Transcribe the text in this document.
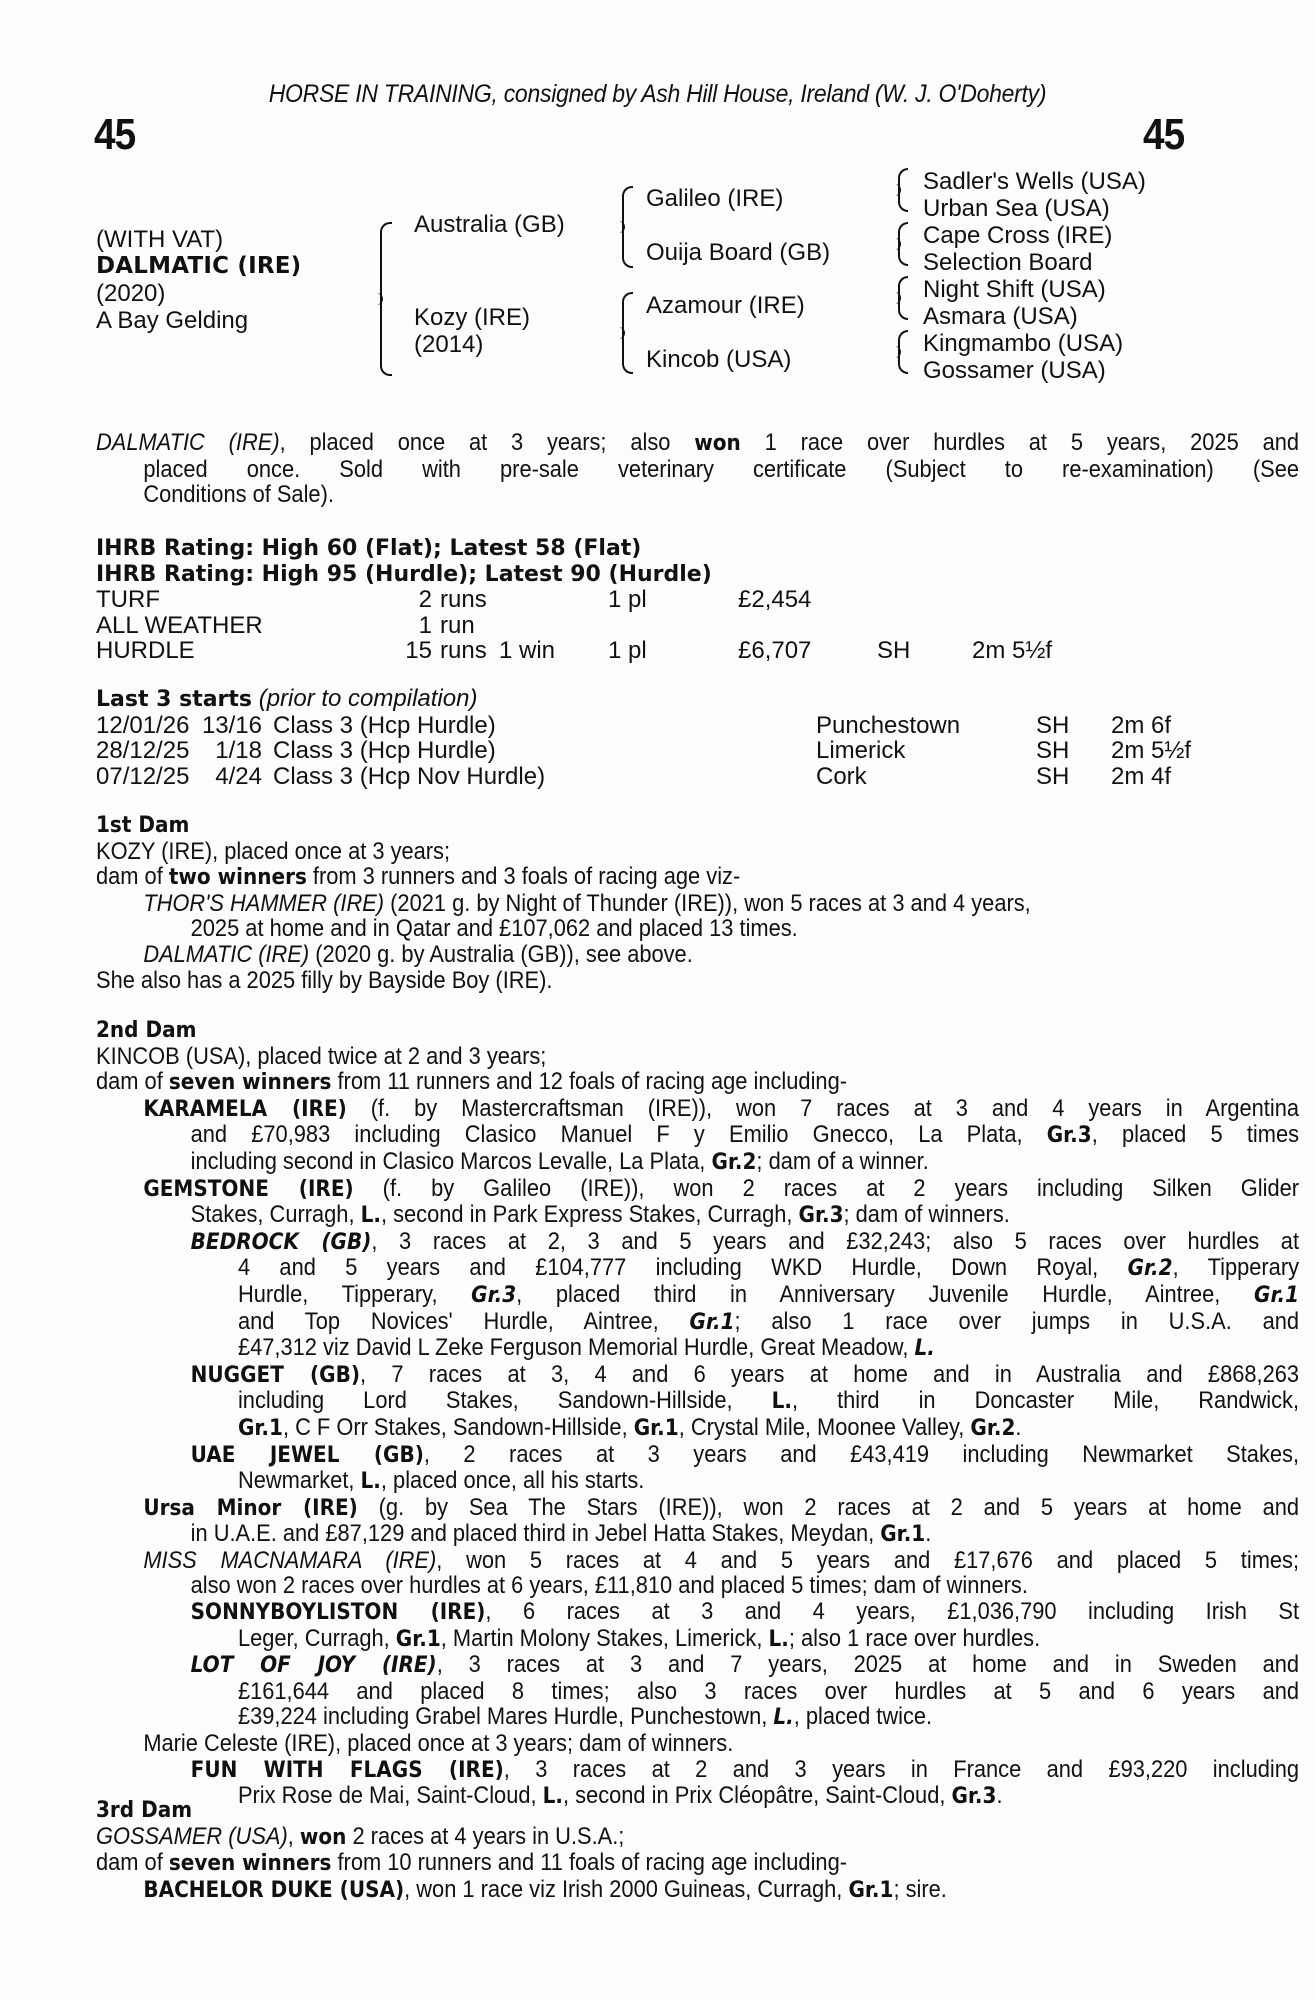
HORSE IN TRAINING, consigned by Ash Hill House, Ireland (W. J. O'Doherty)
45	45
(WITH VAT)
DALMATIC (IRE)
(2020)
A Bay Gelding
Australia (GB)
Kozy (IRE)
(2014)
Galileo (IRE)
Ouija Board (GB)
Azamour (IRE)
Kincob (USA)
Sadler's Wells (USA)
Urban Sea (USA)
Cape Cross (IRE)
Selection Board
Night Shift (USA)
Asmara (USA)
Kingmambo (USA)
Gossamer (USA)
DALMATIC (IRE), placed once at 3 years; also won 1 race over hurdles at 5 years, 2025 and
placed once. Sold with pre-sale veterinary certificate (Subject to re-examination) (See
Conditions of Sale).
IHRB Rating: High 60 (Flat); Latest 58 (Flat)
IHRB Rating: High 95 (Hurdle); Latest 90 (Hurdle)
TURF	2 runs	1 pl	£2,454
ALL WEATHER	1 run
HURDLE	15 runs 1 win 1 pl	£6,707	SH	2m 5½f
Last 3 starts (prior to compilation)
12/01/26 13/16 Class 3 (Hcp Hurdle)	Punchestown	SH 2m 6f
28/12/25	1/18 Class 3 (Hcp Hurdle)	Limerick	SH 2m 5½f
07/12/25	4/24 Class 3 (Hcp Nov Hurdle)	Cork	SH 2m 4f
1st Dam
KOZY (IRE), placed once at 3 years;
dam of two winners from 3 runners and 3 foals of racing age viz-
THOR'S HAMMER (IRE) (2021 g. by Night of Thunder (IRE)), won 5 races at 3 and 4 years,
2025 at home and in Qatar and £107,062 and placed 13 times.
DALMATIC (IRE) (2020 g. by Australia (GB)), see above.
She also has a 2025 filly by Bayside Boy (IRE).
2nd Dam
KINCOB (USA), placed twice at 2 and 3 years;
dam of seven winners from 11 runners and 12 foals of racing age including-
KARAMELA (IRE) (f. by Mastercraftsman (IRE)), won 7 races at 3 and 4 years in Argentina
and £70,983 including Clasico Manuel F y Emilio Gnecco, La Plata, Gr.3, placed 5 times
including second in Clasico Marcos Levalle, La Plata, Gr.2; dam of a winner.
GEMSTONE (IRE) (f. by Galileo (IRE)), won 2 races at 2 years including Silken Glider
Stakes, Curragh, L., second in Park Express Stakes, Curragh, Gr.3; dam of winners.
BEDROCK (GB), 3 races at 2, 3 and 5 years and £32,243; also 5 races over hurdles at
4 and 5 years and £104,777 including WKD Hurdle, Down Royal, Gr.2, Tipperary
Hurdle, Tipperary, Gr.3, placed third in Anniversary Juvenile Hurdle, Aintree, Gr.1
and Top Novices' Hurdle, Aintree, Gr.1; also 1 race over jumps in U.S.A. and
£47,312 viz David L Zeke Ferguson Memorial Hurdle, Great Meadow, L.
NUGGET (GB), 7 races at 3, 4 and 6 years at home and in Australia and £868,263
including Lord Stakes, Sandown-Hillside, L., third in Doncaster Mile, Randwick,
Gr.1, C F Orr Stakes, Sandown-Hillside, Gr.1, Crystal Mile, Moonee Valley, Gr.2.
UAE JEWEL (GB), 2 races at 3 years and £43,419 including Newmarket Stakes,
Newmarket, L., placed once, all his starts.
Ursa Minor (IRE) (g. by Sea The Stars (IRE)), won 2 races at 2 and 5 years at home and
in U.A.E. and £87,129 and placed third in Jebel Hatta Stakes, Meydan, Gr.1.
MISS MACNAMARA (IRE), won 5 races at 4 and 5 years and £17,676 and placed 5 times;
also won 2 races over hurdles at 6 years, £11,810 and placed 5 times; dam of winners.
SONNYBOYLISTON (IRE), 6 races at 3 and 4 years, £1,036,790 including Irish St
Leger, Curragh, Gr.1, Martin Molony Stakes, Limerick, L.; also 1 race over hurdles.
LOT OF JOY (IRE), 3 races at 3 and 7 years, 2025 at home and in Sweden and
£161,644 and placed 8 times; also 3 races over hurdles at 5 and 6 years and
£39,224 including Grabel Mares Hurdle, Punchestown, L., placed twice.
Marie Celeste (IRE), placed once at 3 years; dam of winners.
FUN WITH FLAGS (IRE), 3 races at 2 and 3 years in France and £93,220 including
Prix Rose de Mai, Saint-Cloud, L., second in Prix Cléopâtre, Saint-Cloud, Gr.3.
3rd Dam
GOSSAMER (USA), won 2 races at 4 years in U.S.A.;
dam of seven winners from 10 runners and 11 foals of racing age including-
BACHELOR DUKE (USA), won 1 race viz Irish 2000 Guineas, Curragh, Gr.1; sire.
